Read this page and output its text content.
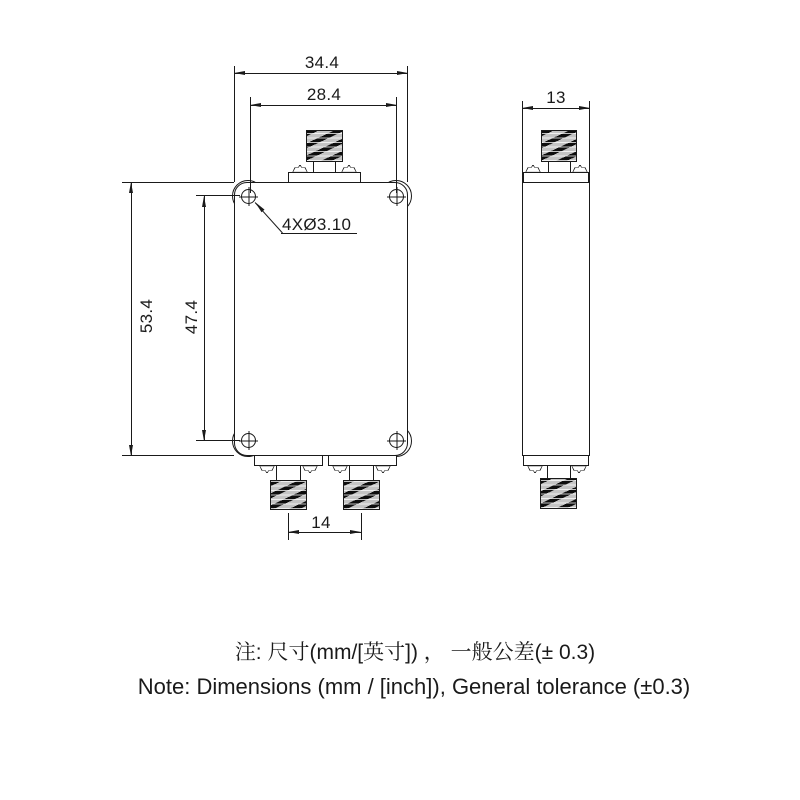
34.4
28.4
53.4 47.4
14
4XØ3.10
13
注: 尺寸(mm/[英寸]) ， 一般公差(± 0.3)
Note: Dimensions (mm / [inch]), General tolerance (±0.3)
